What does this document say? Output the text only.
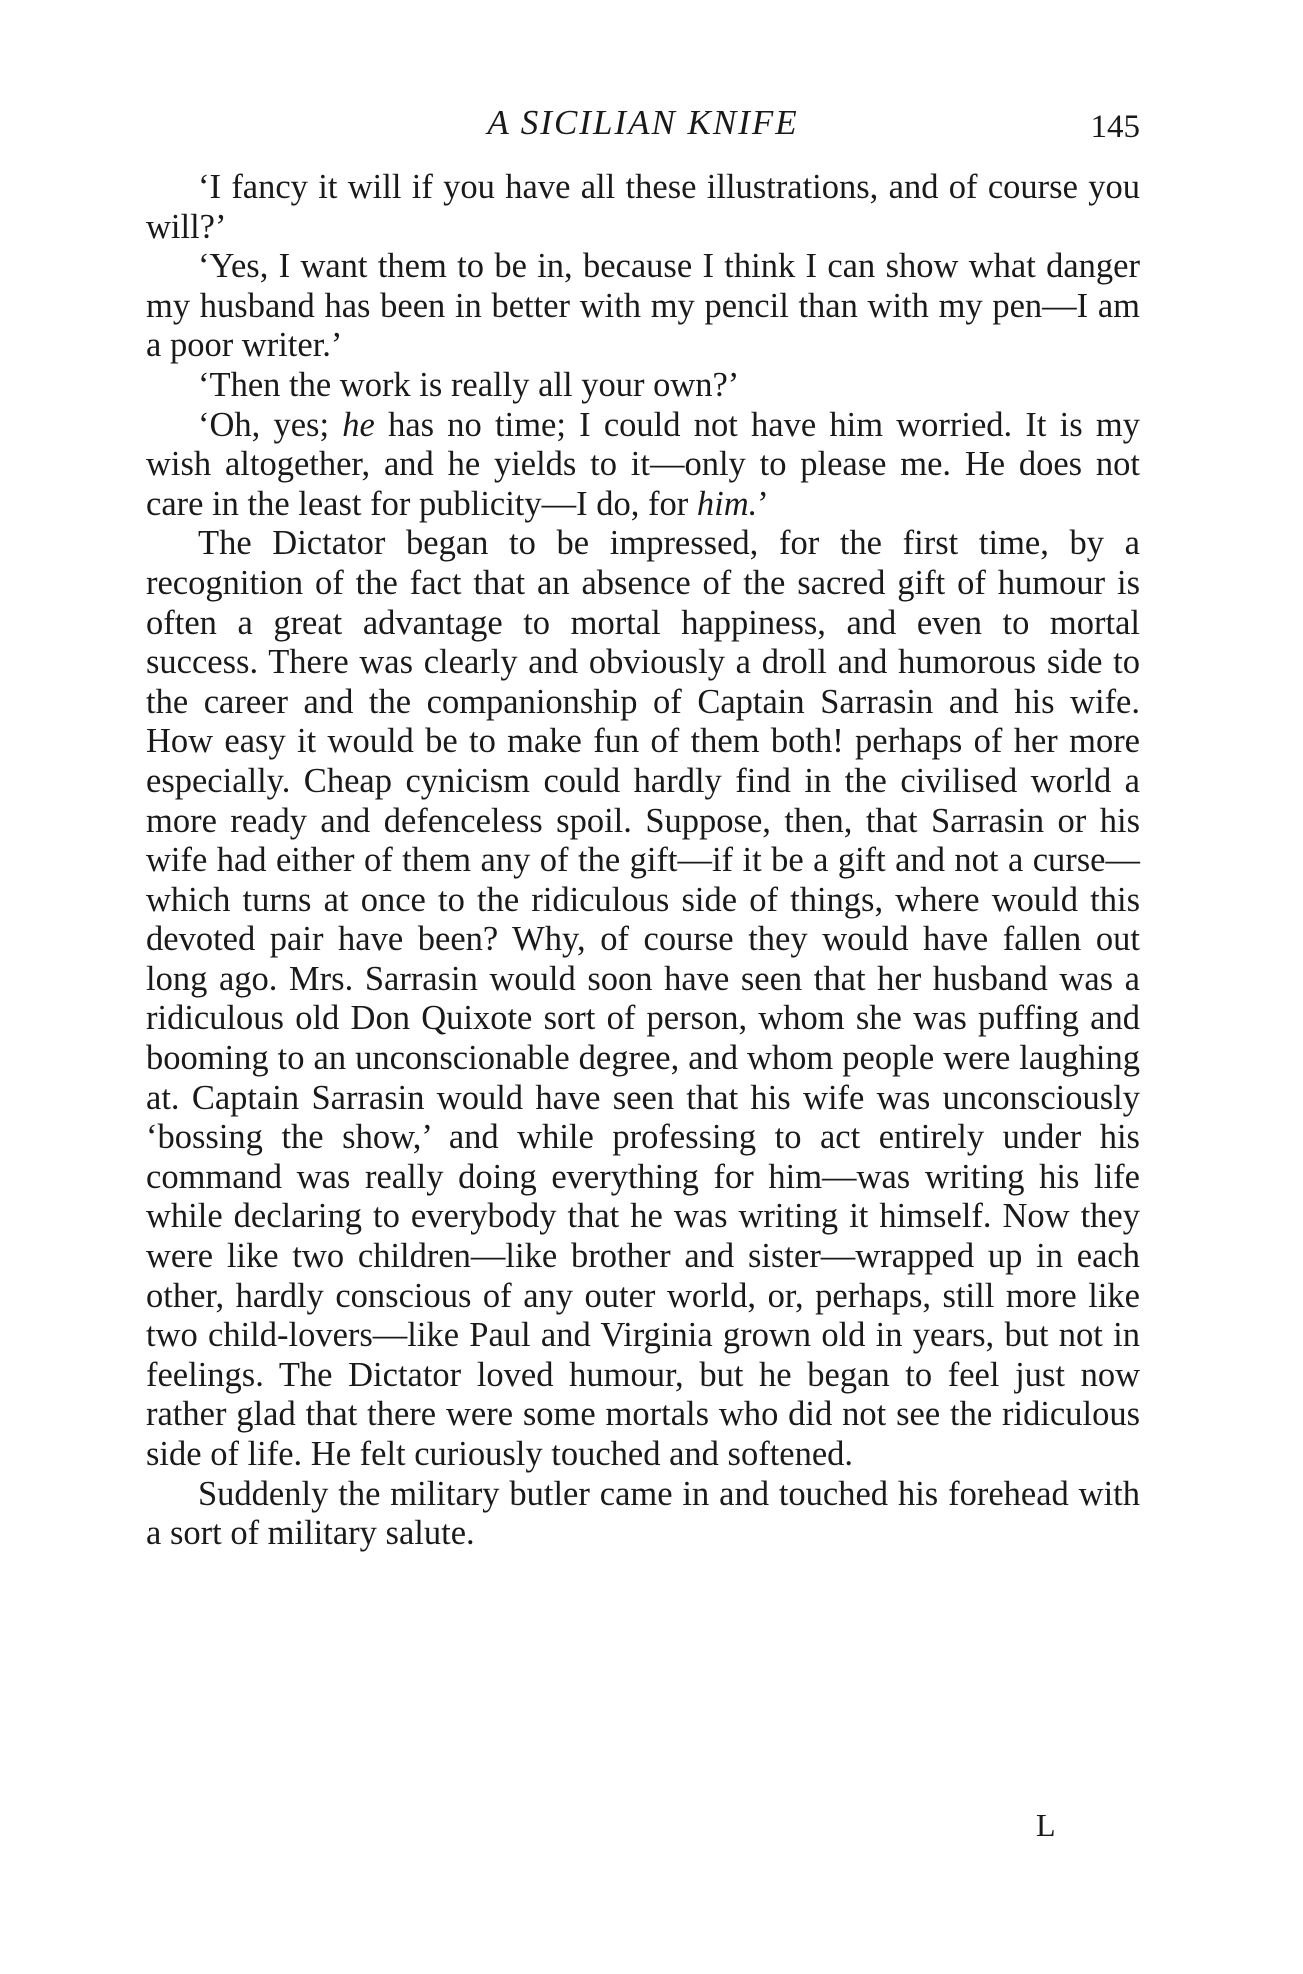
A SICILIAN KNIFE	145

‘I fancy it will if you have all these illustrations, and of course you will?’

‘Yes, I want them to be in, because I think I can show what danger my husband has been in better with my pencil than with my pen—I am a poor writer.’

‘Then the work is really all your own?’

‘Oh, yes; he has no time; I could not have him worried. It is my wish altogether, and he yields to it—only to please me. He does not care in the least for publicity—I do, for him.’

The Dictator began to be impressed, for the first time, by a recognition of the fact that an absence of the sacred gift of humour is often a great advantage to mortal happiness, and even to mortal success. There was clearly and obviously a droll and humorous side to the career and the companionship of Captain Sarrasin and his wife. How easy it would be to make fun of them both! perhaps of her more especially. Cheap cynicism could hardly find in the civilised world a more ready and defenceless spoil. Suppose, then, that Sarrasin or his wife had either of them any of the gift—if it be a gift and not a curse—which turns at once to the ridiculous side of things, where would this devoted pair have been? Why, of course they would have fallen out long ago. Mrs. Sarrasin would soon have seen that her husband was a ridiculous old Don Quixote sort of person, whom she was puffing and booming to an unconscionable degree, and whom people were laughing at. Captain Sarrasin would have seen that his wife was unconsciously ‘bossing the show,’ and while professing to act entirely under his command was really doing everything for him—was writing his life while declaring to everybody that he was writing it himself. Now they were like two children—like brother and sister—wrapped up in each other, hardly conscious of any outer world, or, perhaps, still more like two child-lovers—like Paul and Virginia grown old in years, but not in feelings. The Dictator loved humour, but he began to feel just now rather glad that there were some mortals who did not see the ridiculous side of life. He felt curiously touched and softened.

Suddenly the military butler came in and touched his forehead with a sort of military salute.

L
